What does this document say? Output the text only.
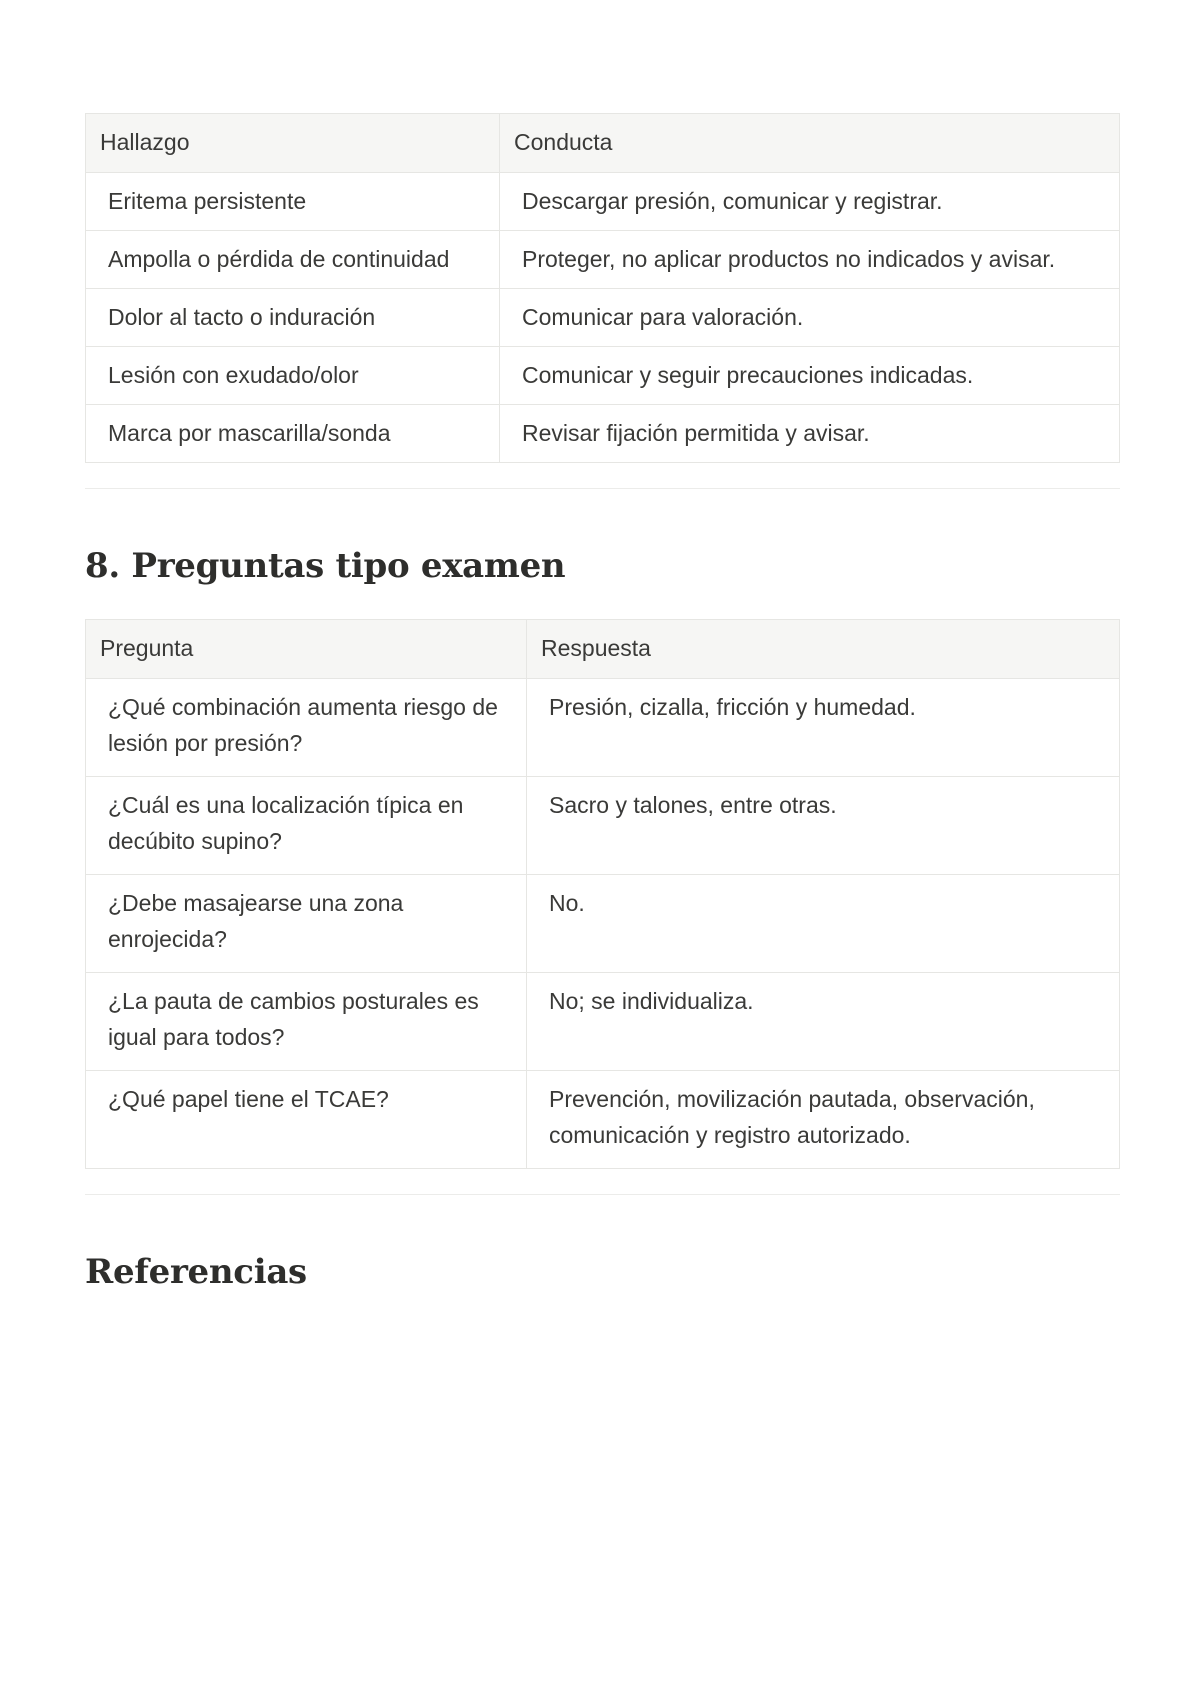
Hallazgo	Conducta
Eritema persistente	Descargar presión, comunicar y registrar.
Ampolla o pérdida de continuidad	Proteger, no aplicar productos no indicados y avisar.
Dolor al tacto o induración	Comunicar para valoración.
Lesión con exudado/olor	Comunicar y seguir precauciones indicadas.
Marca por mascarilla/sonda	Revisar fijación permitida y avisar.
8. Preguntas tipo examen
Pregunta	Respuesta
¿Qué combinación aumenta riesgo de lesión por presión?	Presión, cizalla, fricción y humedad.
¿Cuál es una localización típica en decúbito supino?	Sacro y talones, entre otras.
¿Debe masajearse una zona enrojecida?	No.
¿La pauta de cambios posturales es igual para todos?	No; se individualiza.
¿Qué papel tiene el TCAE?	Prevención, movilización pautada, observación, comunicación y registro autorizado.
Referencias
